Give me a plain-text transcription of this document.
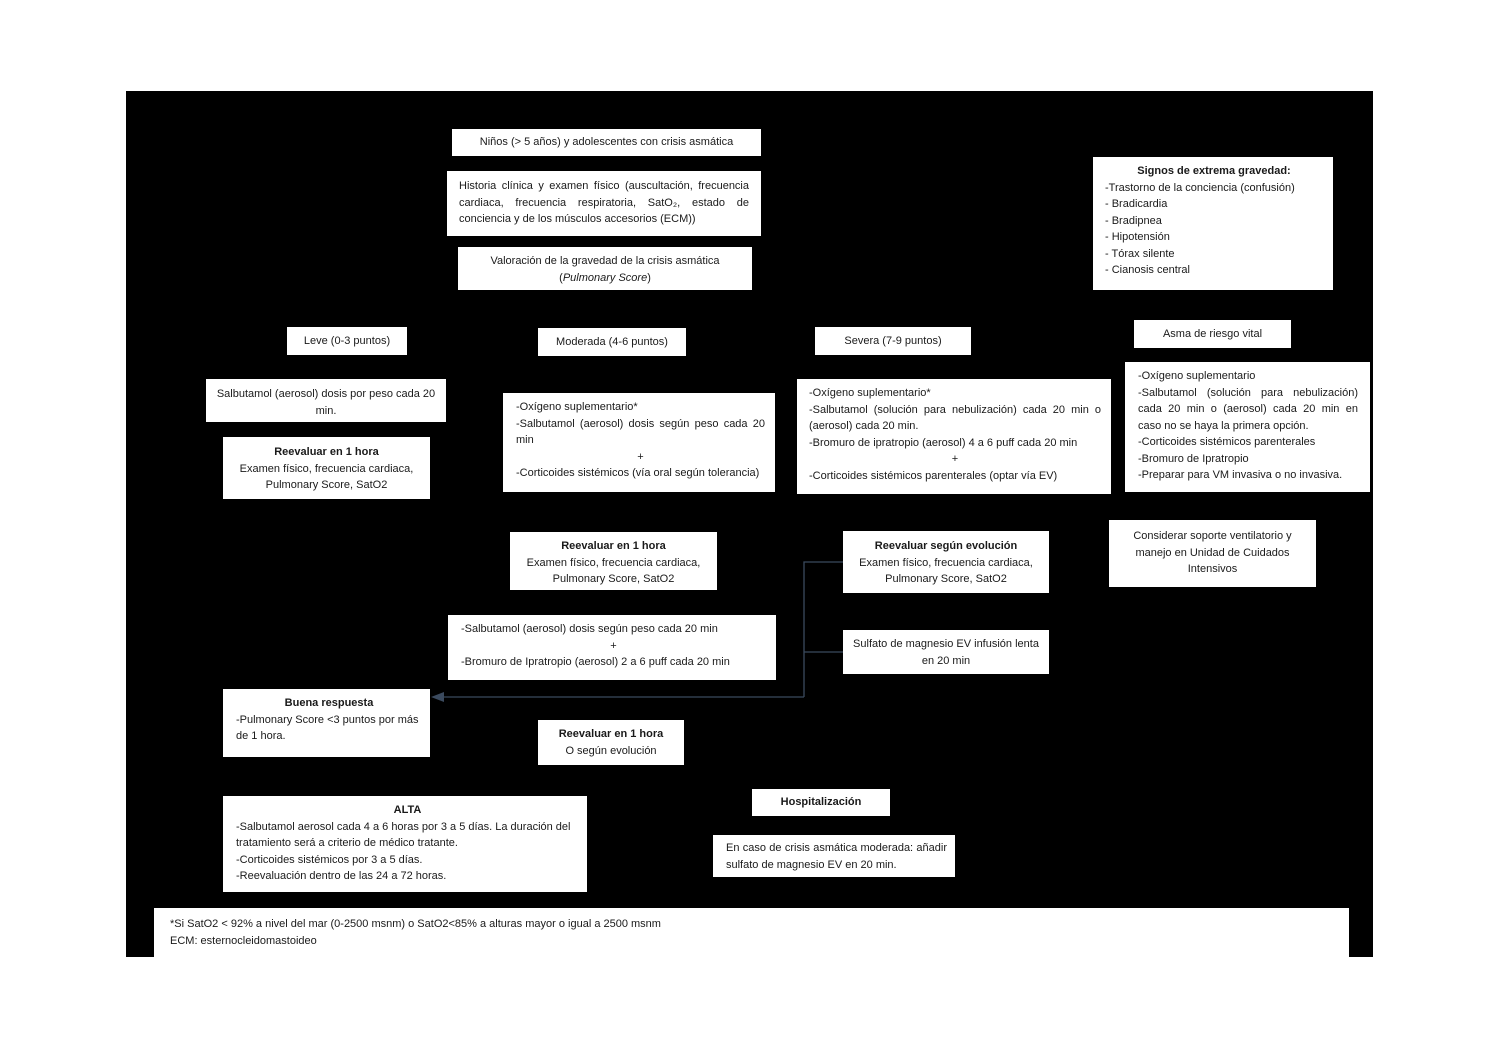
Niños (> 5 años) y adolescentes con crisis asmática
Historia clínica y examen físico (auscultación, frecuencia cardiaca, frecuencia respiratoria, SatO₂, estado de conciencia y de los músculos accesorios (ECM))
Valoración de la gravedad de la crisis asmática
(Pulmonary Score)
Signos de extrema gravedad:
-Trastorno de la conciencia (confusión)
- Bradicardia
- Bradipnea
- Hipotensión
- Tórax silente
- Cianosis central
Leve (0-3 puntos)	Moderada (4-6 puntos)	Severa (7-9 puntos)
Asma de riesgo vital
Salbutamol (aerosol) dosis por peso cada 20 min.
Reevaluar en 1 hora
Examen físico, frecuencia cardiaca, Pulmonary Score, SatO2
-Oxígeno suplementario*
-Salbutamol (aerosol) dosis según peso cada 20 min
+
-Corticoides sistémicos (vía oral según tolerancia)
-Oxígeno suplementario*
-Salbutamol (solución para nebulización) cada 20 min o (aerosol) cada 20 min.
-Bromuro de ipratropio (aerosol) 4 a 6 puff cada 20 min
+
-Corticoides sistémicos parenterales (optar vía EV)
-Oxígeno suplementario
-Salbutamol (solución para nebulización) cada 20 min o (aerosol) cada 20 min en caso no se haya la primera opción.
-Corticoides sistémicos parenterales
-Bromuro de Ipratropio
-Preparar para VM invasiva o no invasiva.
Considerar soporte ventilatorio y manejo en Unidad de Cuidados Intensivos
Reevaluar en 1 hora
Examen físico, frecuencia cardiaca, Pulmonary Score, SatO2
Reevaluar según evolución
Examen físico, frecuencia cardiaca, Pulmonary Score, SatO2
-Salbutamol (aerosol) dosis según peso cada 20 min
+
-Bromuro de Ipratropio (aerosol) 2 a 6 puff cada 20 min
Sulfato de magnesio EV infusión lenta en 20 min
Buena respuesta
-Pulmonary Score <3 puntos por más de 1 hora.	Reevaluar en 1 hora
O según evolución
ALTA
-Salbutamol aerosol cada 4 a 6 horas por 3 a 5 días. La duración del tratamiento será a criterio de médico tratante.
-Corticoides sistémicos por 3 a 5 días.
-Reevaluación dentro de las 24 a 72 horas.
Hospitalización
En caso de crisis asmática moderada: añadir sulfato de magnesio EV en 20 min.
*Si SatO2 < 92% a nivel del mar (0-2500 msnm) o SatO2<85% a alturas mayor o igual a 2500 msnm
ECM: esternocleidomastoideo
